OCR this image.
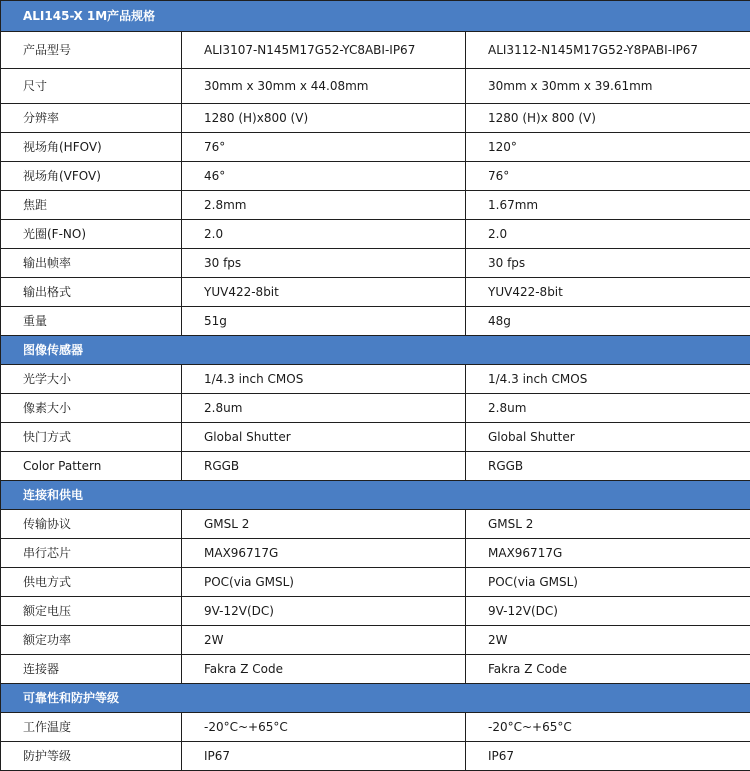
ALI145-X 1M产品规格		
产品型号	ALI3107-N145M17G52-YC8ABI-IP67	ALI3112-N145M17G52-Y8PABI-IP67
尺寸	30mm x 30mm x 44.08mm	30mm x 30mm x 39.61mm
分辨率	1280 (H)x800 (V)	1280 (H)x 800 (V)
视场角(HFOV)	76°	120°
视场角(VFOV)	46°	76°
焦距	2.8mm	1.67mm
光圈(F-NO)	2.0	2.0
输出帧率	30 fps	30 fps
输出格式	YUV422-8bit	YUV422-8bit
重量	51g	48g
图像传感器		
光学大小	1/4.3 inch CMOS	1/4.3 inch CMOS
像素大小	2.8um	2.8um
快门方式	Global Shutter	Global Shutter
Color Pattern	RGGB	RGGB
连接和供电		
传输协议	GMSL 2	GMSL 2
串行芯片	MAX96717G	MAX96717G
供电方式	POC(via GMSL)	POC(via GMSL)
额定电压	9V-12V(DC)	9V-12V(DC)
额定功率	2W	2W
连接器	Fakra Z Code	Fakra Z Code
可靠性和防护等级		
工作温度	-20°C~+65°C	-20°C~+65°C
防护等级	IP67	IP67
